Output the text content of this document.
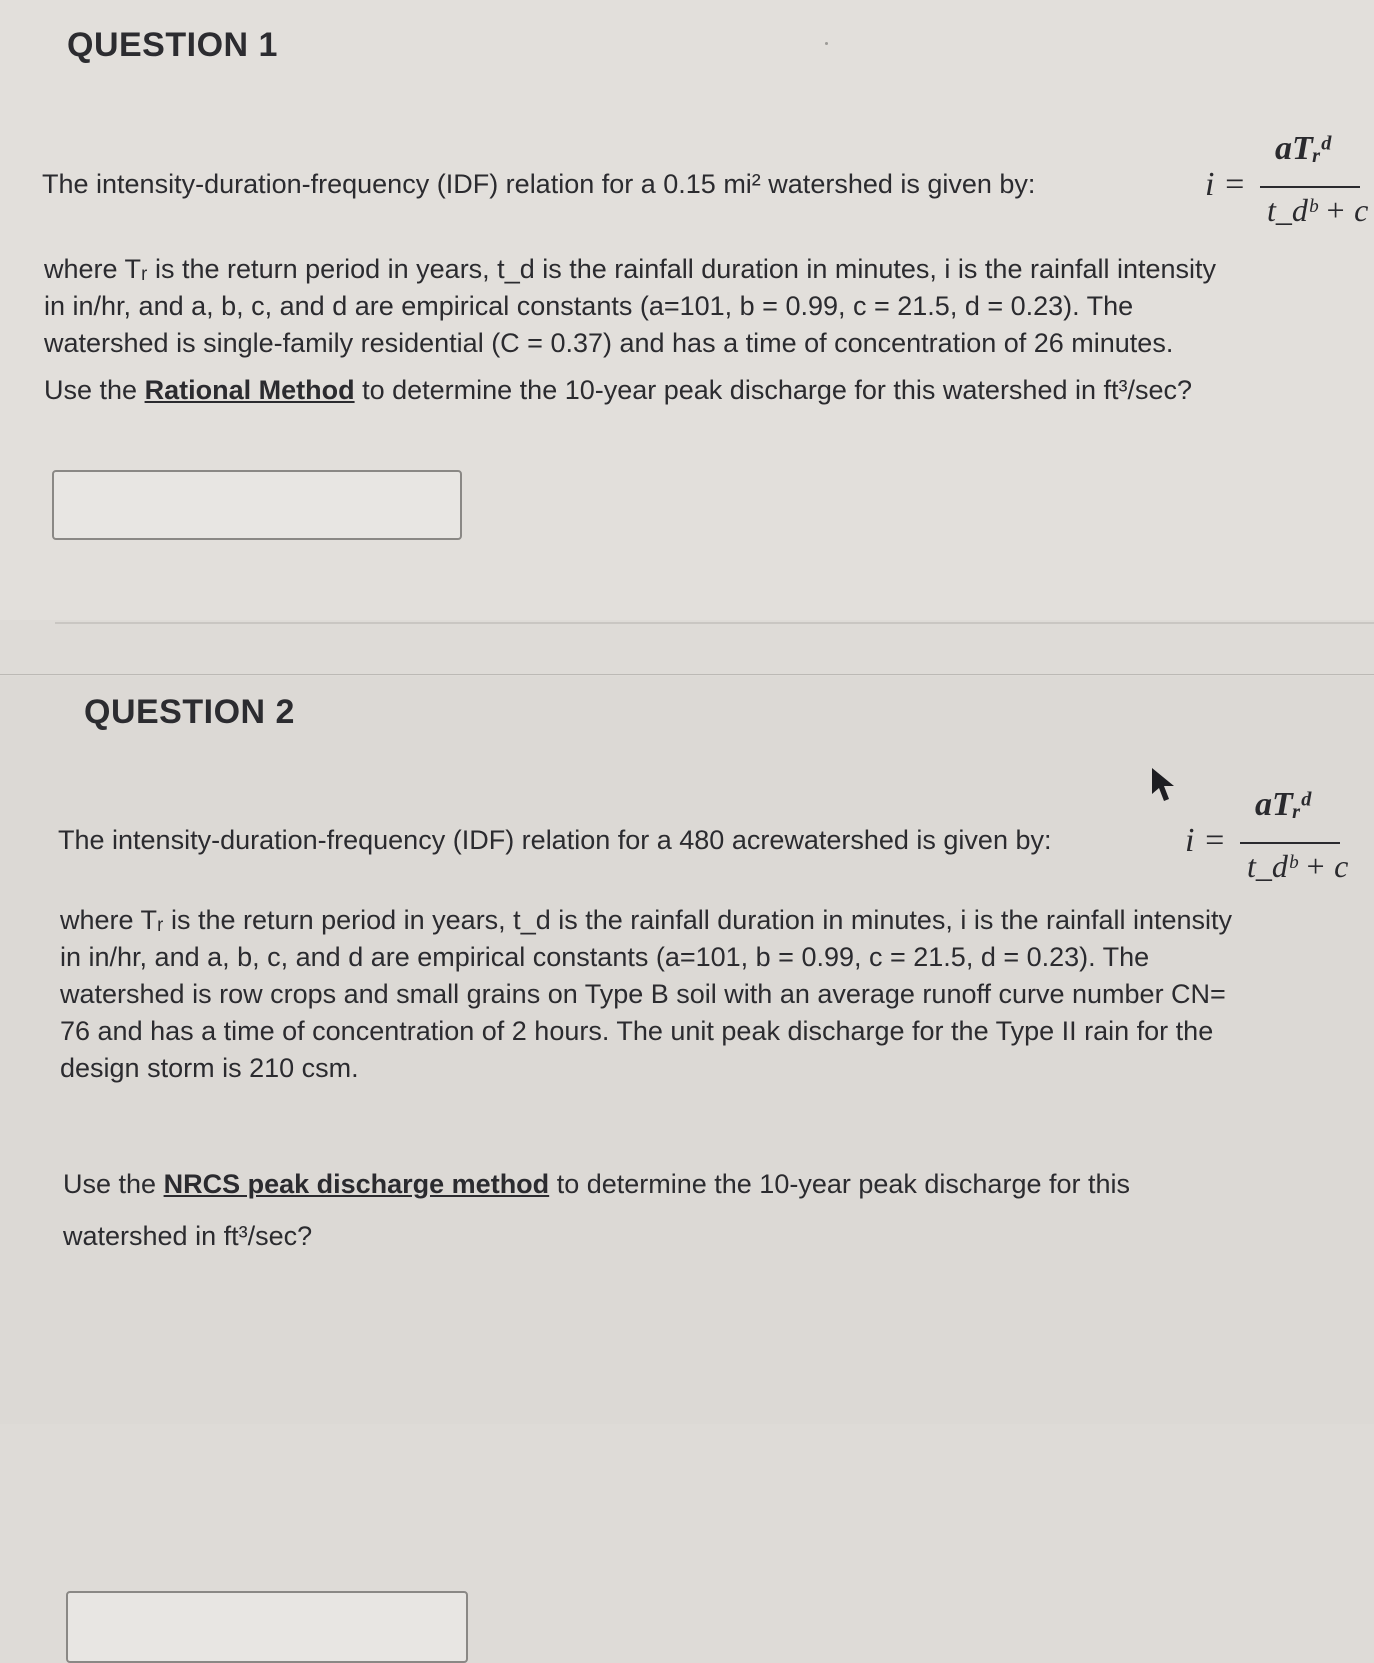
QUESTION 1
The intensity-duration-frequency (IDF) relation for a 0.15 mi² watershed is given by:	i =
aTᵣᵈ
t_dᵇ + c
where Tᵣ is the return period in years, t_d is the rainfall duration in minutes, i is the rainfall intensity
in in/hr, and a, b, c, and d are empirical constants (a=101, b = 0.99, c = 21.5, d = 0.23). The
watershed is single-family residential (C = 0.37) and has a time of concentration of 26 minutes.
Use the Rational Method to determine the 10-year peak discharge for this watershed in ft³/sec?
QUESTION 2
The intensity-duration-frequency (IDF) relation for a 480 acrewatershed is given by:	i =
aTᵣᵈ
t_dᵇ + c
where Tᵣ is the return period in years, t_d is the rainfall duration in minutes, i is the rainfall intensity
in in/hr, and a, b, c, and d are empirical constants (a=101, b = 0.99, c = 21.5, d = 0.23). The
watershed is row crops and small grains on Type B soil with an average runoff curve number CN=
76 and has a time of concentration of 2 hours. The unit peak discharge for the Type II rain for the
design storm is 210 csm.
Use the NRCS peak discharge method to determine the 10-year peak discharge for this
watershed in ft³/sec?
